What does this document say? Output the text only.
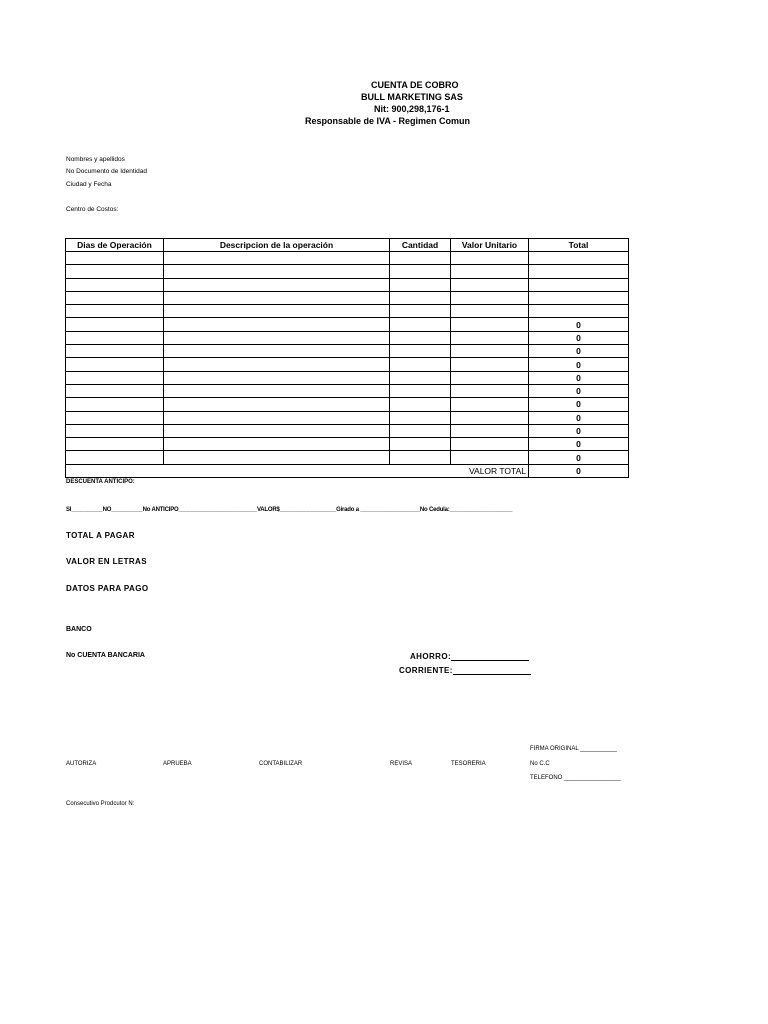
CUENTA DE COBRO
BULL MARKETING SAS
Nit: 900,298,176-1
Responsable de IVA - Regimen Comun
Nombres y apellidos
No Documento de Identidad
Ciudad y Fecha
Centro de Costos:
Dias de Operación	Descripcion de la operación	Cantidad	Valor Unitario	Total

				0
				0
				0
				0
				0
				0
				0
				0
				0
				0
				0
VALOR TOTAL				0
DESCUENTA ANTICIPO:
SI__________NO__________No ANTICIPO_________________________VALOR$__________________Girado a ___________________No Cedula:____________________
TOTAL A PAGAR
VALOR EN LETRAS
DATOS PARA PAGO
BANCO
No CUENTA BANCARIA	AHORRO:
CORRIENTE:
FIRMA ORIGINAL ___________
AUTORIZA	APRUEBA	CONTABILIZAR	REVISA	TESORERIA	No C.C
TELEFONO _________________
Consecutivo Prodcutor N:
